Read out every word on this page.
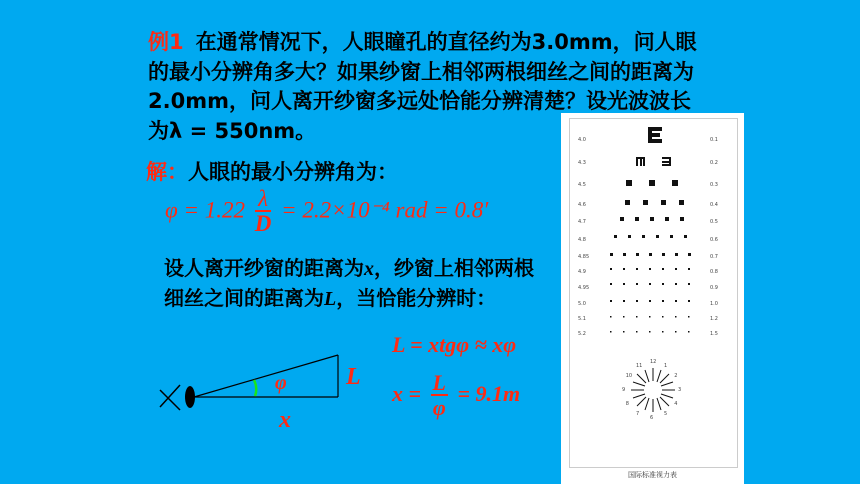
例1 在通常情况下，人眼瞳孔的直径约为3.0mm，问人眼的最小分辨角多大？如果纱窗上相邻两根细丝之间的距离为2.0mm，问人离开纱窗多远处恰能分辨清楚？设光波波长为λ = 550nm。
解：人眼的最小分辨角为：
$\varphi = 1.22 \frac{\lambda}{D} = 2.2\times 10^{-4}$ rad = 0.8′
设人离开纱窗的距离为x，纱窗上相邻两根细丝之间的距离为L，当恰能分辨时：
L = xtgφ ≈ xφ
$x = \frac{L}{\varphi} = 9.1m$
φ L
x
4.0	0.1
4.3	0.2
4.5	0.3
4.6	0.4
4.7	0.5
4.8	0.6
4.85	0.7
4.9	0.8
4.95	0.9
5.0	1.0
5.1	1.2
5.2	1.5
12
1
2
3
4
5
6
7
8
9
10
11
国际标准视力表
